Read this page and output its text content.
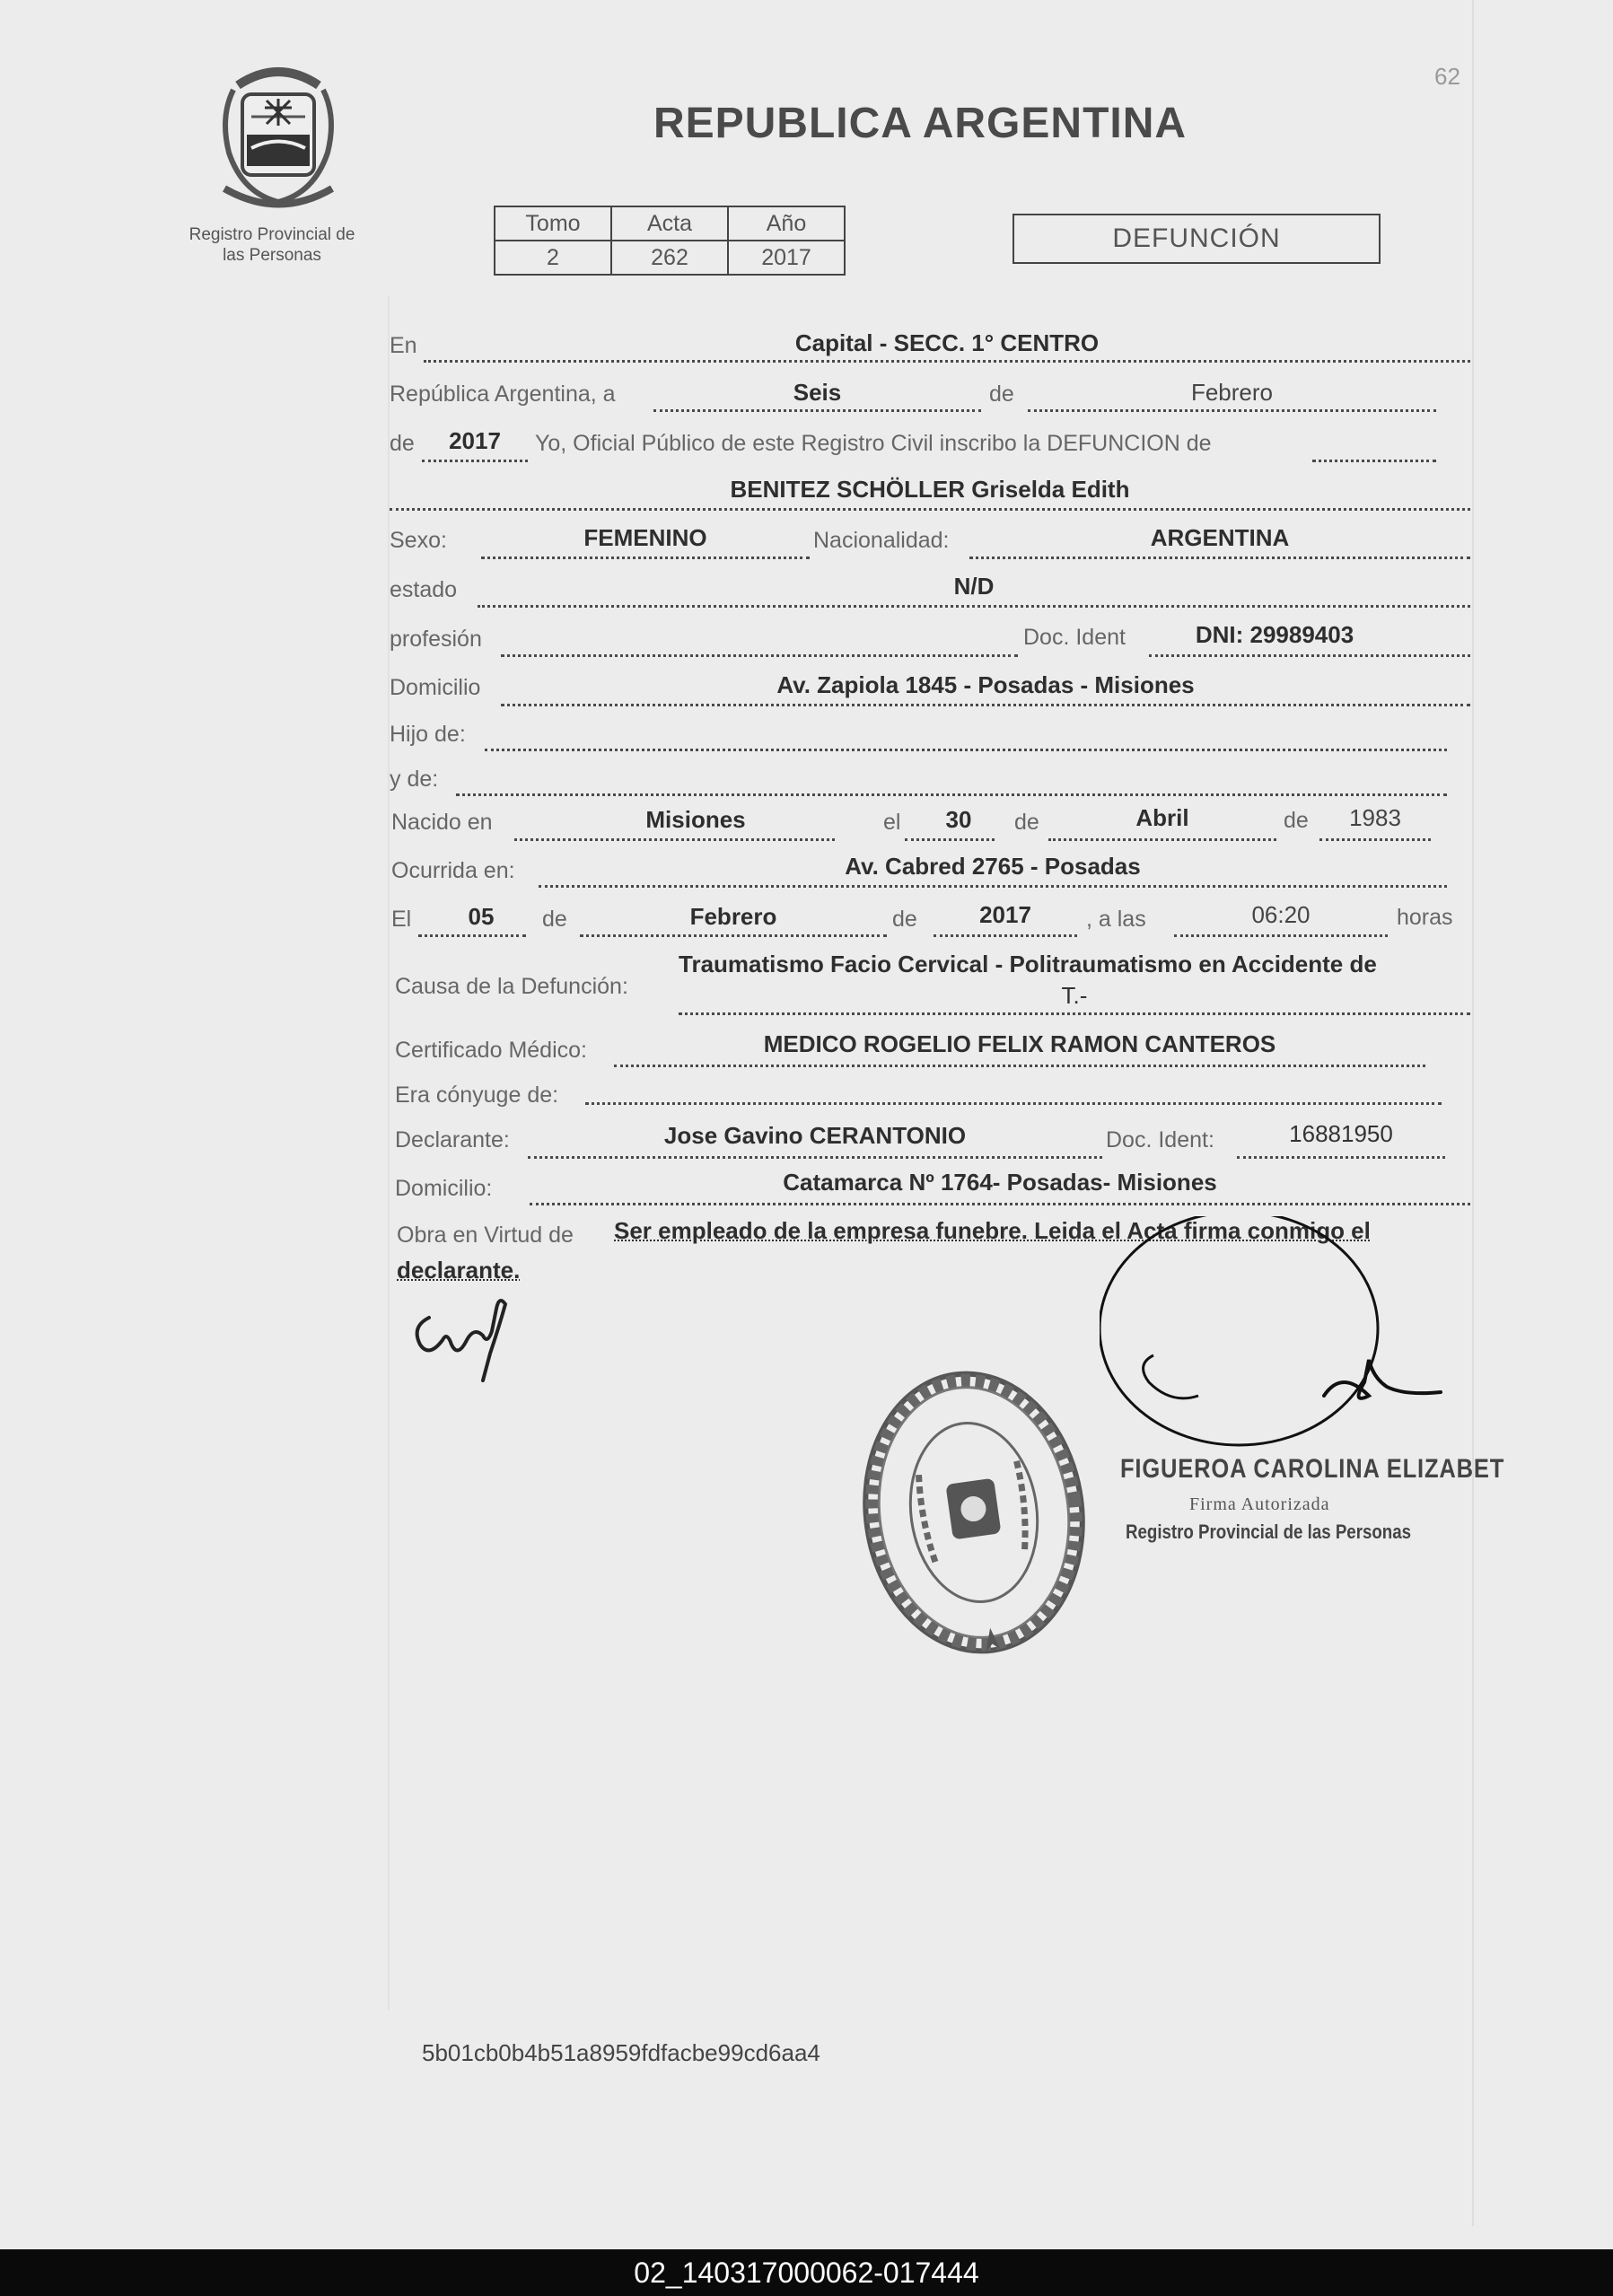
Registro Provincial de
las Personas
62
REPUBLICA ARGENTINA
Tomo	Acta	Año
2	262	2017
DEFUNCIÓN
En	Capital - SECC. 1° CENTRO
República Argentina, a	Seis	de	Febrero
de	2017	Yo, Oficial Público de este Registro Civil inscribo la DEFUNCION de
BENITEZ SCHÖLLER Griselda Edith
Sexo:	FEMENINO	Nacionalidad:	ARGENTINA
estado	N/D
profesión	Doc. Ident	DNI: 29989403
Domicilio	Av. Zapiola 1845 - Posadas - Misiones
Hijo de:
y de:
Nacido en	Misiones	el	30	de	Abril	de	1983
Ocurrida en:	Av. Cabred 2765 - Posadas
El	05	de	Febrero	de	2017	, a las	06:20	horas
Causa de la Defunción:
Traumatismo Facio Cervical - Politraumatismo en Accidente de
T.-
Certificado Médico:	MEDICO ROGELIO FELIX RAMON CANTEROS
Era cónyuge de:
Declarante:	Jose Gavino CERANTONIO	Doc. Ident:	16881950
Domicilio:	Catamarca Nº 1764- Posadas- Misiones
Obra en Virtud de Ser empleado de la empresa funebre. Leida el Acta firma conmigo el
declarante.
FIGUEROA CAROLINA ELIZABET
Firma Autorizada
Registro Provincial de las Personas
5b01cb0b4b51a8959fdfacbe99cd6aa4
02_140317000062-017444
